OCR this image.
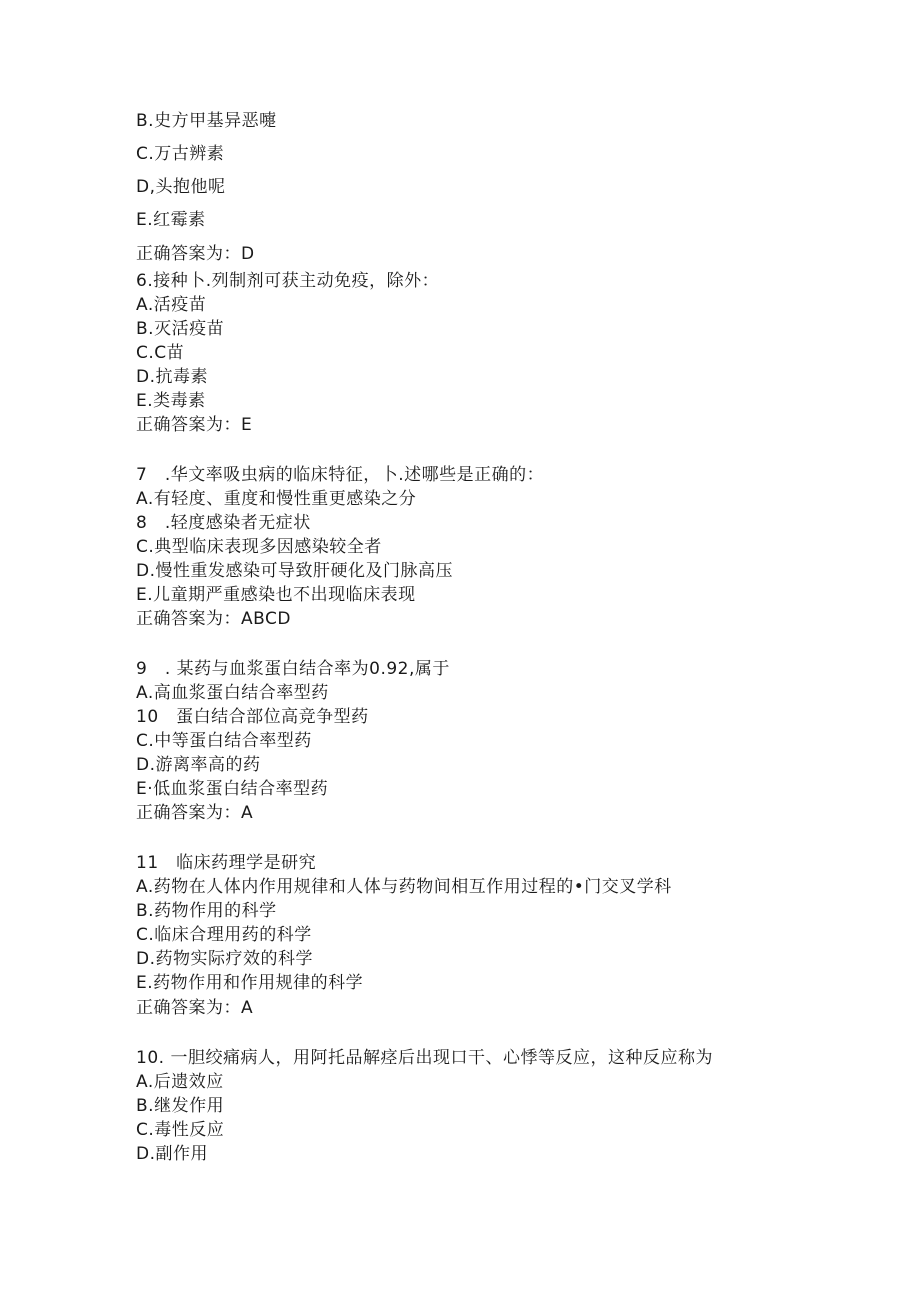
B.史方甲基异恶嚏
C.万古辨素
D,头抱他呢
E.红霉素
正确答案为：D
6.接种卜.列制剂可获主动免疫，除外：
A.活疫苗
B.灭活疫苗
C.C苗
D.抗毒素
E.类毒素
正确答案为：E
7　.华文率吸虫病的临床特征，卜.述哪些是正确的：
A.有轻度、重度和慢性重更感染之分
8　.轻度感染者无症状
C.典型临床表现多因感染较全者
D.慢性重发感染可导致肝硬化及门脉高压
E.儿童期严重感染也不出现临床表现
正确答案为：ABCD
9　. 某药与血浆蛋白结合率为0.92,属于
A.高血浆蛋白结合率型药
10　蛋白结合部位高竞争型药
C.中等蛋白结合率型药
D.游离率高的药
E·低血浆蛋白结合率型药
正确答案为：A
11　临床药理学是研究
A.药物在人体内作用规律和人体与药物间相互作用过程的•门交叉学科
B.药物作用的科学
C.临床合理用药的科学
D.药物实际疗效的科学
E.药物作用和作用规律的科学
正确答案为：A
10. 一胆绞痛病人，用阿托品解痉后出现口干、心悸等反应，这种反应称为
A.后遗效应
B.继发作用
C.毒性反应
D.副作用
